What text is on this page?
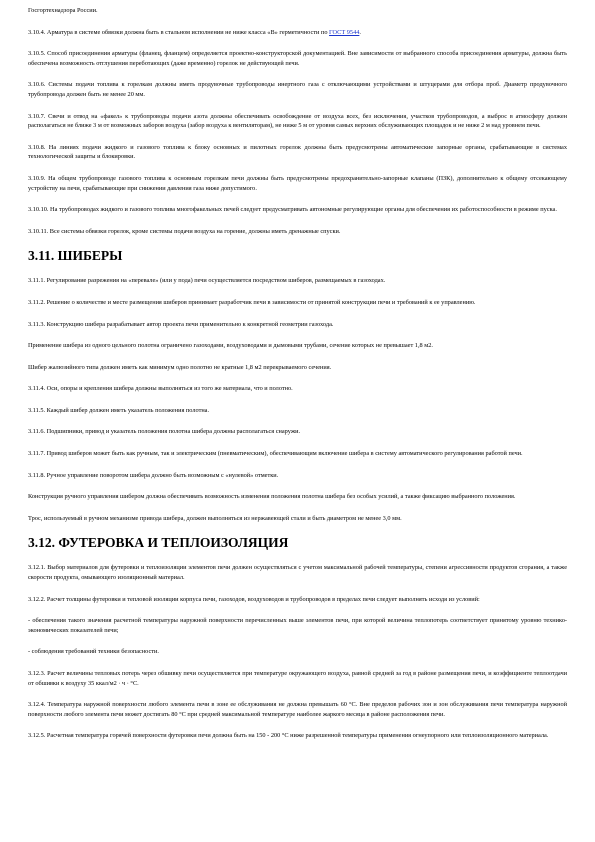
Госгортехнадзора России.

3.10.4. Арматура в системе обвязки должна быть в стальном исполнении не ниже класса «В» герметичности по ГОСТ 9544.

3.10.5. Способ присоединения арматуры (фланец, фланцем) определяется проектно-конструкторской документацией. Вне зависимости от выбранного способа присоединения арматуры, должна быть обеспечена возможность отглушения переботающих (даже временно) горелок не действующей печи.

3.10.6. Системы подачи топлива к горелкам должны иметь продувочные трубопроводы инертного газа с отключающими устройствами и штуцерами для отбора проб. Диаметр продувочного трубопровода должен быть не менее 20 мм.

3.10.7. Свечи и отвод на «факел» к трубопроводы подачи азота должны обеспечивать освобождение от воздуха всех, без исключения, участков трубопроводов, а выброс в атмосферу должен располагаться не ближе 3 м от возможных заборов воздуха (забор воздуха к вентиляторам), не ниже 5 м от уровня самых верхних обслуживающих площадок и не ниже 2 м над уровнем печи.

3.10.8. На линиях подачи жидкого и газового топлива к блоку основных и пилотных горелок должны быть предусмотрены автоматические запорные органы, срабатывающие в системах технологической защиты и блокировки.

3.10.9. На общем трубопроводе газового топлива к основным горелкам печи должны быть предусмотрены предохранительно-запорные клапаны (ПЗК), дополнительно к общему отсекающему устройству на печи, срабатывающие при снижении давления газа ниже допустимого.

3.10.10. На трубопроводах жидкого и газового топлива многофакельных печей следует предусматривать автономные регулирующие органы для обеспечения их работоспособности в режиме пуска.

3.10.11. Все системы обвязки горелок, кроме системы подачи воздуха на горение, должны иметь дренажные спуски.

3.11. ШИБЕРЫ

3.11.1. Регулирование разрежения на «перевале» (или у пода) печи осуществляется посредством шиберов, размещаемых в газоходах.

3.11.2. Решение о количестве и месте размещения шиберов принимает разработчик печи в зависимости от принятой конструкции печи и требований к ее управлению.

3.11.3. Конструкцию шибера разрабатывает автор проекта печи применительно к конкретной геометрии газохода.

Применение шибера из одного цельного полотна ограничено газоходами, воздуховодами и дымовыми трубами, сечение которых не превышает 1,8 м2.

Шибер жалюзийного типа должен иметь как минимум одно полотно не кратные 1,8 м2 перекрываемого сечения.

3.11.4. Оси, опоры и крепления шибера должны выполняться из того же материала, что и полотно.

3.11.5. Каждый шибер должен иметь указатель положения полотна.

3.11.6. Подшипники, привод и указатель положения полотна шибера должны располагаться снаружи.

3.11.7. Привод шиберов может быть как ручным, так и электрическим (пневматическим), обеспечивающим включение шибера в систему автоматического регулирования работой печи.

3.11.8. Ручное управление поворотом шибера должно быть возможным с «нулевой» отметки.

Конструкция ручного управления шибером должна обеспечивать возможность изменения положения полотна шибера без особых усилий, а также фиксацию выбранного положения.

Трос, используемый в ручном механизме привода шибера, должен выполняться из нержавеющей стали и быть диаметром не менее 3,0 мм.

3.12. ФУТЕРОВКА И ТЕПЛОИЗОЛЯЦИЯ

3.12.1. Выбор материалов для футеровки и теплоизоляции элементов печи должен осуществляться с учетом максимальной рабочей температуры, степени агрессивности продуктов сгорания, а также скорости продукта, омывающего изоляционный материал.

3.12.2. Расчет толщины футеровки и тепловой изоляции корпуса печи, газоходов, воздуховодов и трубопроводов в пределах печи следует выполнять исходя из условий:

- обеспечения такого значения расчетной температуры наружной поверхности перечисленных выше элементов печи, при которой величина теплопотерь соответствует принятому уровню технико-экономических показателей печи;

- соблюдения требований техники безопасности.

3.12.3. Расчет величины тепловых потерь через обшивку печи осуществляется при температуре окружающего воздуха, равной средней за год в районе размещения печи, и коэффициенте теплоотдачи от обшивки к воздуху 35 ккал/м2 · ч · °С.

3.12.4. Температура наружной поверхности любого элемента печи в зоне ее обслуживания не должна превышать 60 °С. Вне пределов рабочих зон и зон обслуживания печи температура наружной поверхности любого элемента печи может достигать 80 °С при средней максимальной температуре наиболее жаркого месяца в районе расположения печи.

3.12.5. Расчетная температура горячей поверхности футеровки печи должна быть на 150 - 200 °С ниже разрешенной температуры применения огнеупорного или теплоизоляционного материала.
